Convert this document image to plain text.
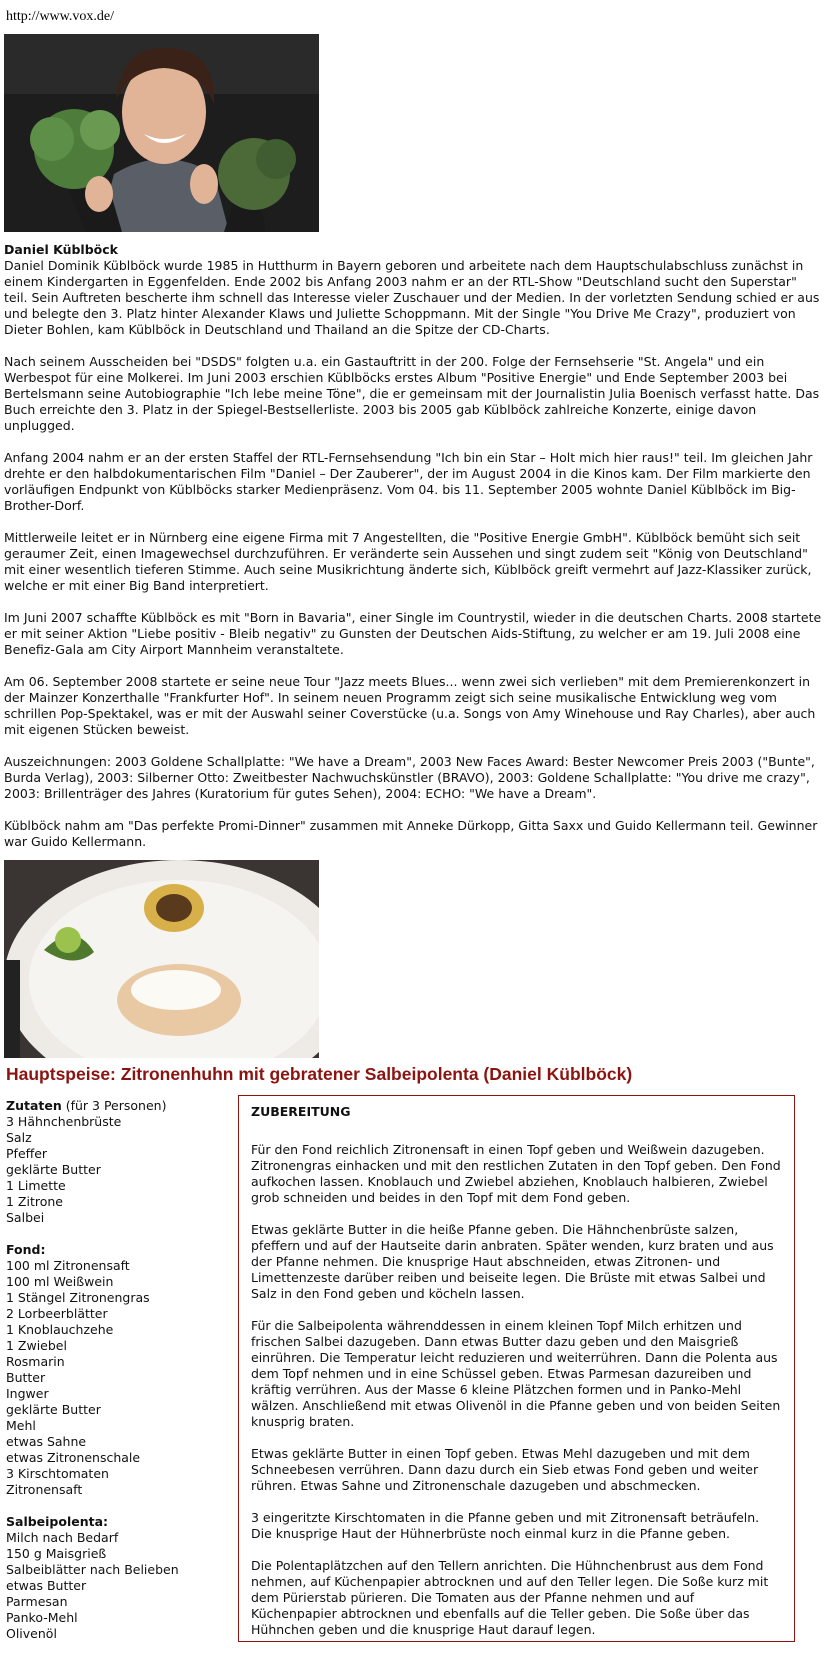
http://www.vox.de/
Daniel Küblböck

Daniel Dominik Küblböck wurde 1985 in Hutthurm in Bayern geboren und arbeitete nach dem Hauptschulabschluss zunächst in einem Kindergarten in Eggenfelden. Ende 2002 bis Anfang 2003 nahm er an der RTL-Show "Deutschland sucht den Superstar" teil. Sein Auftreten bescherte ihm schnell das Interesse vieler Zuschauer und der Medien. In der vorletzten Sendung schied er aus und belegte den 3. Platz hinter Alexander Klaws und Juliette Schoppmann. Mit der Single "You Drive Me Crazy", produziert von Dieter Bohlen, kam Küblböck in Deutschland und Thailand an die Spitze der CD-Charts.

Nach seinem Ausscheiden bei "DSDS" folgten u.a. ein Gastauftritt in der 200. Folge der Fernsehserie "St. Angela" und ein Werbespot für eine Molkerei. Im Juni 2003 erschien Küblböcks erstes Album "Positive Energie" und Ende September 2003 bei Bertelsmann seine Autobiographie "Ich lebe meine Töne", die er gemeinsam mit der Journalistin Julia Boenisch verfasst hatte. Das Buch erreichte den 3. Platz in der Spiegel-Bestsellerliste. 2003 bis 2005 gab Küblböck zahlreiche Konzerte, einige davon unplugged.

Anfang 2004 nahm er an der ersten Staffel der RTL-Fernsehsendung "Ich bin ein Star – Holt mich hier raus!" teil. Im gleichen Jahr drehte er den halbdokumentarischen Film "Daniel – Der Zauberer", der im August 2004 in die Kinos kam. Der Film markierte den vorläufigen Endpunkt von Küblböcks starker Medienpräsenz. Vom 04. bis 11. September 2005 wohnte Daniel Küblböck im Big-Brother-Dorf.

Mittlerweile leitet er in Nürnberg eine eigene Firma mit 7 Angestellten, die "Positive Energie GmbH". Küblböck bemüht sich seit geraumer Zeit, einen Imagewechsel durchzuführen. Er veränderte sein Aussehen und singt zudem seit "König von Deutschland" mit einer wesentlich tieferen Stimme. Auch seine Musikrichtung änderte sich, Küblböck greift vermehrt auf Jazz-Klassiker zurück, welche er mit einer Big Band interpretiert.

Im Juni 2007 schaffte Küblböck es mit "Born in Bavaria", einer Single im Countrystil, wieder in die deutschen Charts. 2008 startete er mit seiner Aktion "Liebe positiv - Bleib negativ" zu Gunsten der Deutschen Aids-Stiftung, zu welcher er am 19. Juli 2008 eine Benefiz-Gala am City Airport Mannheim veranstaltete.

Am 06. September 2008 startete er seine neue Tour "Jazz meets Blues... wenn zwei sich verlieben" mit dem Premierenkonzert in der Mainzer Konzerthalle "Frankfurter Hof". In seinem neuen Programm zeigt sich seine musikalische Entwicklung weg vom schrillen Pop-Spektakel, was er mit der Auswahl seiner Coverstücke (u.a. Songs von Amy Winehouse und Ray Charles), aber auch mit eigenen Stücken beweist.

Auszeichnungen: 2003 Goldene Schallplatte: "We have a Dream", 2003 New Faces Award: Bester Newcomer Preis 2003 ("Bunte", Burda Verlag), 2003: Silberner Otto: Zweitbester Nachwuchskünstler (BRAVO), 2003: Goldene Schallplatte: "You drive me crazy", 2003: Brillenträger des Jahres (Kuratorium für gutes Sehen), 2004: ECHO: "We have a Dream".

Küblböck nahm am "Das perfekte Promi-Dinner" zusammen mit Anneke Dürkopp, Gitta Saxx und Guido Kellermann teil. Gewinner war Guido Kellermann.

Hauptspeise: Zitronenhuhn mit gebratener Salbeipolenta (Daniel Küblböck)
Zutaten (für 3 Personen)
3 Hähnchenbrüste
Salz
Pfeffer
geklärte Butter
1 Limette
1 Zitrone
Salbei
Fond:
100 ml Zitronensaft
100 ml Weißwein
1 Stängel Zitronengras
2 Lorbeerblätter
1 Knoblauchzehe
1 Zwiebel
Rosmarin
Butter
Ingwer
geklärte Butter
Mehl
etwas Sahne
etwas Zitronenschale
3 Kirschtomaten
Zitronensaft
Salbeipolenta:
Milch nach Bedarf
150 g Maisgrieß
Salbeiblätter nach Belieben
etwas Butter
Parmesan
Panko-Mehl
Olivenöl
ZUBEREITUNG

Für den Fond reichlich Zitronensaft in einen Topf geben und Weißwein dazugeben. Zitronengras einhacken und mit den restlichen Zutaten in den Topf geben. Den Fond aufkochen lassen. Knoblauch und Zwiebel abziehen, Knoblauch halbieren, Zwiebel grob schneiden und beides in den Topf mit dem Fond geben.

Etwas geklärte Butter in die heiße Pfanne geben. Die Hähnchenbrüste salzen, pfeffern und auf der Hautseite darin anbraten. Später wenden, kurz braten und aus der Pfanne nehmen. Die knusprige Haut abschneiden, etwas Zitronen- und Limettenzeste darüber reiben und beiseite legen. Die Brüste mit etwas Salbei und Salz in den Fond geben und köcheln lassen.

Für die Salbeipolenta währenddessen in einem kleinen Topf Milch erhitzen und frischen Salbei dazugeben. Dann etwas Butter dazu geben und den Maisgrieß einrühren. Die Temperatur leicht reduzieren und weiterrühren. Dann die Polenta aus dem Topf nehmen und in eine Schüssel geben. Etwas Parmesan dazureiben und kräftig verrühren. Aus der Masse 6 kleine Plätzchen formen und in Panko-Mehl wälzen. Anschließend mit etwas Olivenöl in die Pfanne geben und von beiden Seiten knusprig braten.

Etwas geklärte Butter in einen Topf geben. Etwas Mehl dazugeben und mit dem Schneebesen verrühren. Dann dazu durch ein Sieb etwas Fond geben und weiter rühren. Etwas Sahne und Zitronenschale dazugeben und abschmecken.

3 eingeritzte Kirschtomaten in die Pfanne geben und mit Zitronensaft beträufeln. Die knusprige Haut der Hühnerbrüste noch einmal kurz in die Pfanne geben.

Die Polentaplätzchen auf den Tellern anrichten. Die Hühnchenbrust aus dem Fond nehmen, auf Küchenpapier abtrocknen und auf den Teller legen. Die Soße kurz mit dem Pürierstab pürieren. Die Tomaten aus der Pfanne nehmen und auf Küchenpapier abtrocknen und ebenfalls auf die Teller geben. Die Soße über das Hühnchen geben und die knusprige Haut darauf legen.
